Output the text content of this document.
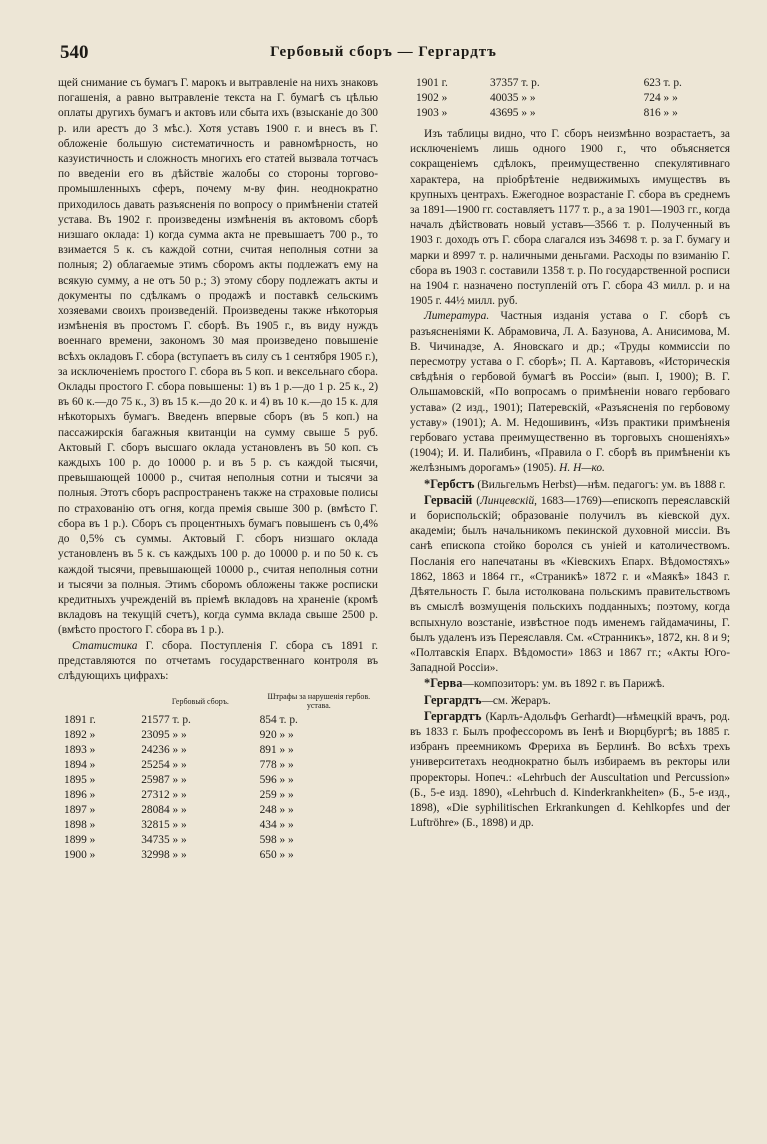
540	Гербовый сборъ — Гергардтъ

щей снимание съ бумагъ Г. марокъ и вытравленіе на нихъ знаковъ погашенія, а равно вытравленіе текста на Г. бумагѣ съ цѣлью оплаты другихъ бумагъ и актовъ или сбыта ихъ (взысканіе до 300 р. или арестъ до 3 мѣс.). Хотя уставъ 1900 г. и внесъ въ Г. обложеніе большую систематичность и равномѣрность, но казуистичность и сложность многихъ его статей вызвала тотчасъ по введеніи его въ дѣйствіе жалобы со стороны торгово-промышленныхъ сферъ, почему м-ву фин. неоднократно приходилось давать разъясненія по вопросу о примѣненіи статей устава. Въ 1902 г. произведены измѣненія въ актовомъ сборѣ низшаго оклада: 1) когда сумма акта не превышаетъ 700 р., то взимается 5 к. съ каждой сотни, считая неполныя сотни за полныя; 2) облагаемые этимъ сборомъ акты подлежатъ ему на всякую сумму, а не отъ 50 р.; 3) этому сбору подлежатъ акты и документы по сдѣлкамъ о продажѣ и поставкѣ сельскимъ хозяевами своихъ произведеній. Произведены также нѣкоторыя измѣненія въ простомъ Г. сборѣ. Въ 1905 г., въ виду нуждъ военнаго времени, закономъ 30 мая произведено повышеніе всѣхъ окладовъ Г. сбора (вступаетъ въ силу съ 1 сентября 1905 г.), за исключеніемъ простого Г. сбора въ 5 коп. и вексельнаго сбора. Оклады простого Г. сбора повышены: 1) въ 1 р.—до 1 р. 25 к., 2) въ 60 к.—до 75 к., 3) въ 15 к.—до 20 к. и 4) въ 10 к.—до 15 к. для нѣкоторыхъ бумагъ. Введенъ впервые сборъ (въ 5 коп.) на пассажирскія багажныя квитанціи на сумму свыше 5 руб. Актовый Г. сборъ высшаго оклада установленъ въ 50 коп. съ каждыхъ 100 р. до 10000 р. и въ 5 р. съ каждой тысячи, превышающей 10000 р., считая неполныя сотни и тысячи за полныя. Этотъ сборъ распространенъ также на страховые полисы по страхованію отъ огня, когда премія свыше 300 р. (вмѣсто Г. сбора въ 1 р.). Сборъ съ процентныхъ бумагъ повышенъ съ 0,4% до 0,5% съ суммы. Актовый Г. сборъ низшаго оклада установленъ въ 5 к. съ каждыхъ 100 р. до 10000 р. и по 50 к. съ каждой тысячи, превышающей 10000 р., считая неполныя сотни и тысячи за полныя. Этимъ сборомъ обложены также росписки кредитныхъ учрежденій въ пріемѣ вкладовъ на храненіе (кромѣ вкладовъ на текущій счетъ), когда сумма вклада свыше 2500 р. (вмѣсто простого Г. сбора въ 1 р.).

Статистика Г. сбора. Поступленія Г. сбора съ 1891 г. представляются по отчетамъ государственнаго контроля въ слѣдующихъ цифрахъ:

	Гербовый сборъ.	Штрафы за нарушенія гербов. устава.
1891 г.	21577 т. р.	854 т. р.
1892 »	23095 » »	920 » »
1893 »	24236 » »	891 » »
1894 »	25254 » »	778 » »
1895 »	25987 » »	596 » »
1896 »	27312 » »	259 » »
1897 »	28084 » »	248 » »
1898 »	32815 » »	434 » »
1899 »	34735 » »	598 » »
1900 »	32998 » »	650 » »
1901 г.	37357 т. р.	623 т. р.
1902 »	40035 » »	724 » »
1903 »	43695 » »	816 » »

Изъ таблицы видно, что Г. сборъ неизмѣнно возрастаетъ, за исключеніемъ лишь одного 1900 г., что объясняется сокращеніемъ сдѣлокъ, преимущественно спекулятивнаго характера, на пріобрѣтеніе недвижимыхъ имуществъ въ крупныхъ центрахъ. Ежегодное возрастаніе Г. сбора въ среднемъ за 1891—1900 гг. составляетъ 1177 т. р., а за 1901—1903 гг., когда началъ дѣйствовать новый уставъ—3566 т. р. Полученный въ 1903 г. доходъ отъ Г. сбора слагался изъ 34698 т. р. за Г. бумагу и марки и 8997 т. р. наличными деньгами. Расходы по взиманію Г. сбора въ 1903 г. составили 1358 т. р. По государственной росписи на 1904 г. назначено поступленій отъ Г. сбора 43 милл. р. и на 1905 г. 44½ милл. руб.

Литература. Частныя изданія устава о Г. сборѣ съ разъясненіями К. Абрамовича, Л. А. Базунова, А. Анисимова, М. В. Чичинадзе, А. Яновскаго и др.; «Труды коммиссіи по пересмотру устава о Г. сборѣ»; П. А. Картавовъ, «Историческія свѣдѣнія о гербовой бумагѣ въ Россіи» (вып. I, 1900); В. Г. Ольшамовскій, «По вопросамъ о примѣненіи новаго гербоваго устава» (2 изд., 1901); Патеревскій, «Разъясненія по гербовому уставу» (1901); А. М. Недошивинъ, «Изъ практики примѣненія гербоваго устава преимущественно въ торговыхъ сношеніяхъ» (1904); И. И. Палибинъ, «Правила о Г. сборѣ въ примѣненіи къ желѣзнымъ дорогамъ» (1905). Н. Н—ко.

*Гербстъ (Вильгельмъ Herbst)—нѣм. педагогъ: ум. въ 1888 г.

Гервасій (Линцевскій, 1683—1769)—епископъ переяславскій и бориспольскій; образованіе получилъ въ кіевской дух. академіи; былъ начальникомъ пекинской духовной миссіи. Въ санѣ епископа стойко боролся съ уніей и католичествомъ. Посланія его напечатаны въ «Кіевскихъ Епарх. Вѣдомостяхъ» 1862, 1863 и 1864 гг., «Страникѣ» 1872 г. и «Маякѣ» 1843 г. Дѣятельность Г. была истолкована польскимъ правительствомъ въ смыслѣ возмущенія польскихъ подданныхъ; поэтому, когда вспыхнуло возстаніе, извѣстное подъ именемъ гайдамачины, Г. былъ удаленъ изъ Переяславля. См. «Странникъ», 1872, кн. 8 и 9; «Полтавскія Епарх. Вѣдомости» 1863 и 1867 гг.; «Акты Юго-Западной Россіи».

*Герва—композиторъ: ум. въ 1892 г. въ Парижѣ.

Гергардтъ—см. Жераръ.

Гергардтъ (Карлъ-Адольфъ Gerhardt)—нѣмецкій врачъ, род. въ 1833 г. Былъ профессоромъ въ Іенѣ и Вюрцбургѣ; въ 1885 г. избранъ преемникомъ Фрериха въ Берлинѣ. Во всѣхъ трехъ университетахъ неоднократно былъ избираемъ въ ректоры или проректоры. Нопеч.: «Lehrbuch der Auscultation und Percussion» (Б., 5-е изд. 1890), «Lehrbuch d. Kinderkrankheiten» (Б., 5-е изд., 1898), «Die syphilitischen Erkrankungen d. Kehlkopfes und der Luftröhre» (Б., 1898) и др.
